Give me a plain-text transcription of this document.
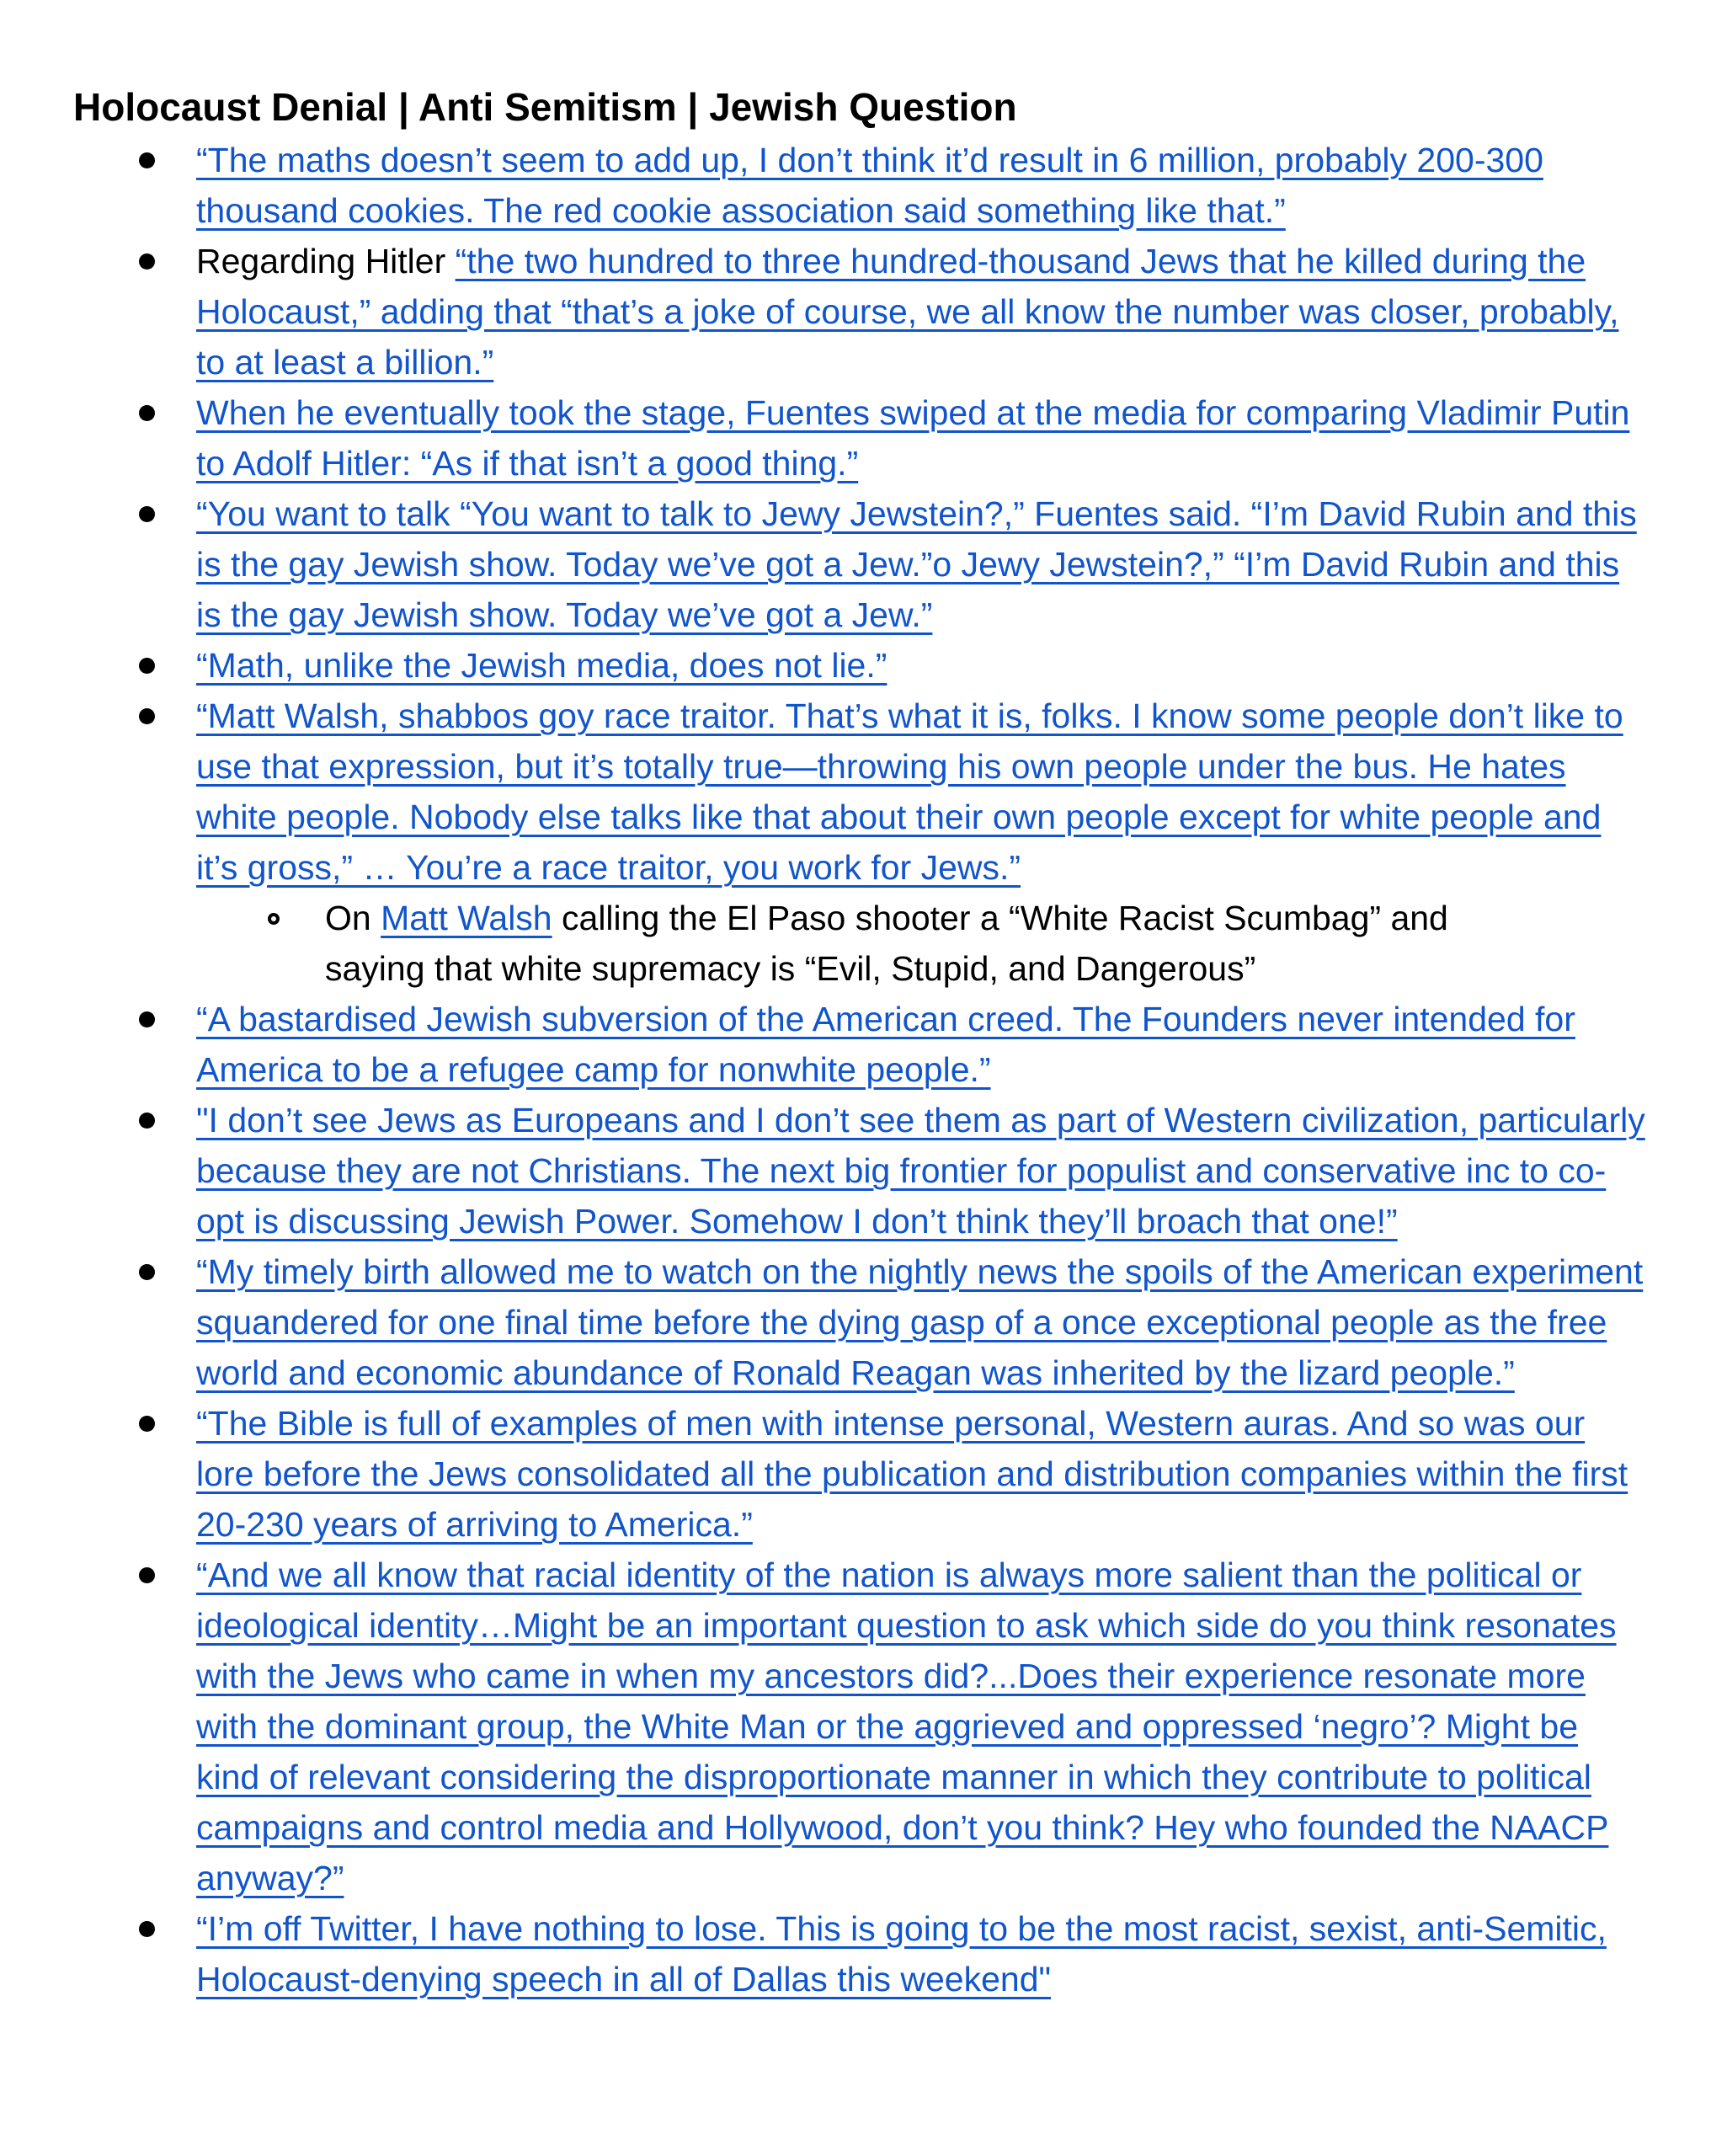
Holocaust Denial | Anti Semitism | Jewish Question
“The maths doesn’t seem to add up, I don’t think it’d result in 6 million, probably 200-300 thousand cookies. The red cookie association said something like that.”
Regarding Hitler “the two hundred to three hundred-thousand Jews that he killed during the Holocaust,” adding that “that’s a joke of course, we all know the number was closer, probably, to at least a billion.”
When he eventually took the stage, Fuentes swiped at the media for comparing Vladimir Putin to Adolf Hitler: “As if that isn’t a good thing.”
“You want to talk “You want to talk to Jewy Jewstein?,” Fuentes said. “I’m David Rubin and this is the gay Jewish show. Today we’ve got a Jew.”o Jewy Jewstein?,” “I’m David Rubin and this is the gay Jewish show. Today we’ve got a Jew.”
“Math, unlike the Jewish media, does not lie.”
“Matt Walsh, shabbos goy race traitor. That’s what it is, folks. I know some people don’t like to use that expression, but it’s totally true—throwing his own people under the bus. He hates white people. Nobody else talks like that about their own people except for white people and it’s gross,” … You’re a race traitor, you work for Jews.”
On Matt Walsh calling the El Paso shooter a “White Racist Scumbag” and saying that white supremacy is “Evil, Stupid, and Dangerous”
“A bastardised Jewish subversion of the American creed. The Founders never intended for America to be a refugee camp for nonwhite people.”
"I don’t see Jews as Europeans and I don’t see them as part of Western civilization, particularly because they are not Christians. The next big frontier for populist and conservative inc to co-opt is discussing Jewish Power. Somehow I don’t think they’ll broach that one!”
“My timely birth allowed me to watch on the nightly news the spoils of the American experiment squandered for one final time before the dying gasp of a once exceptional people as the free world and economic abundance of Ronald Reagan was inherited by the lizard people.”
“The Bible is full of examples of men with intense personal, Western auras. And so was our lore before the Jews consolidated all the publication and distribution companies within the first 20-230 years of arriving to America.”
“And we all know that racial identity of the nation is always more salient than the political or ideological identity…Might be an important question to ask which side do you think resonates with the Jews who came in when my ancestors did?...Does their experience resonate more with the dominant group, the White Man or the aggrieved and oppressed ‘negro’? Might be kind of relevant considering the disproportionate manner in which they contribute to political campaigns and control media and Hollywood, don’t you think? Hey who founded the NAACP anyway?”
“I’m off Twitter, I have nothing to lose. This is going to be the most racist, sexist, anti-Semitic, Holocaust-denying speech in all of Dallas this weekend"
